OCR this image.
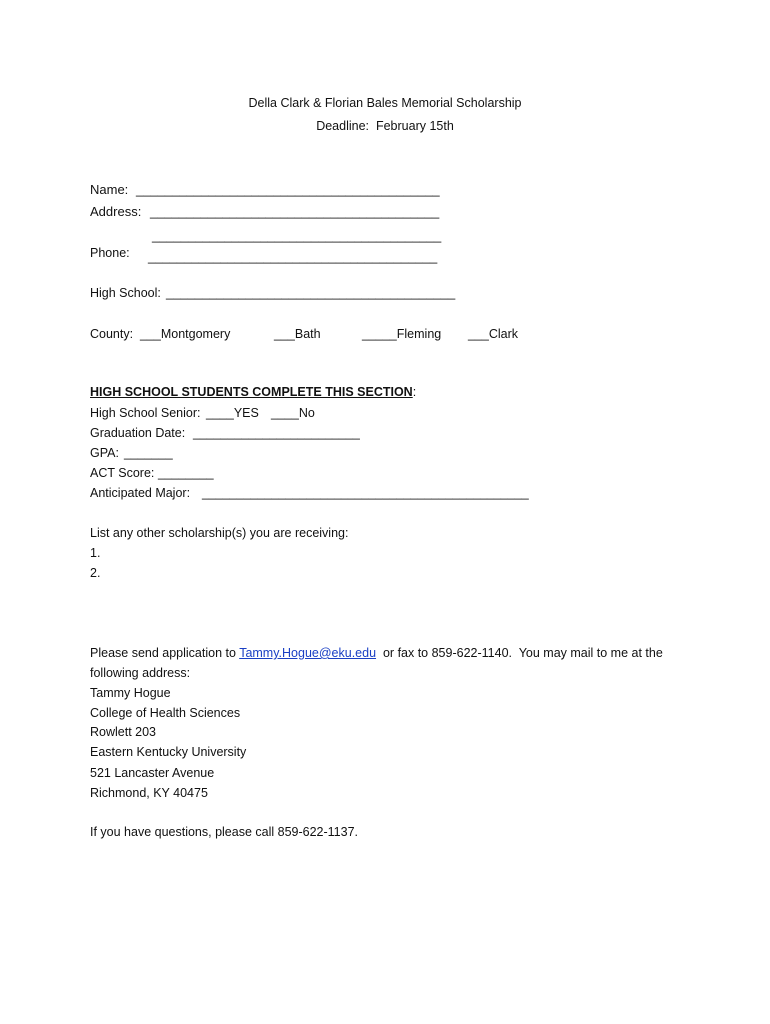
Della Clark & Florian Bales Memorial Scholarship
Deadline:  February 15th
Name: __________________________________________
Address: ________________________________________
________________________________________
Phone: ________________________________________
High School: ________________________________________
County: ___Montgomery	___Bath	_____Fleming ___Clark
HIGH SCHOOL STUDENTS COMPLETE THIS SECTION:
High School Senior: ____YES ____No
Graduation Date: ________________________
GPA: _______
ACT Score: ________
Anticipated Major: _______________________________________________
List any other scholarship(s) you are receiving:
1.
2.
Please send application to Tammy.Hogue@eku.edu  or fax to 859-622-1140.  You may mail to me at the
following address:
Tammy Hogue
College of Health Sciences
Rowlett 203
Eastern Kentucky University
521 Lancaster Avenue
Richmond, KY 40475
If you have questions, please call 859-622-1137.
